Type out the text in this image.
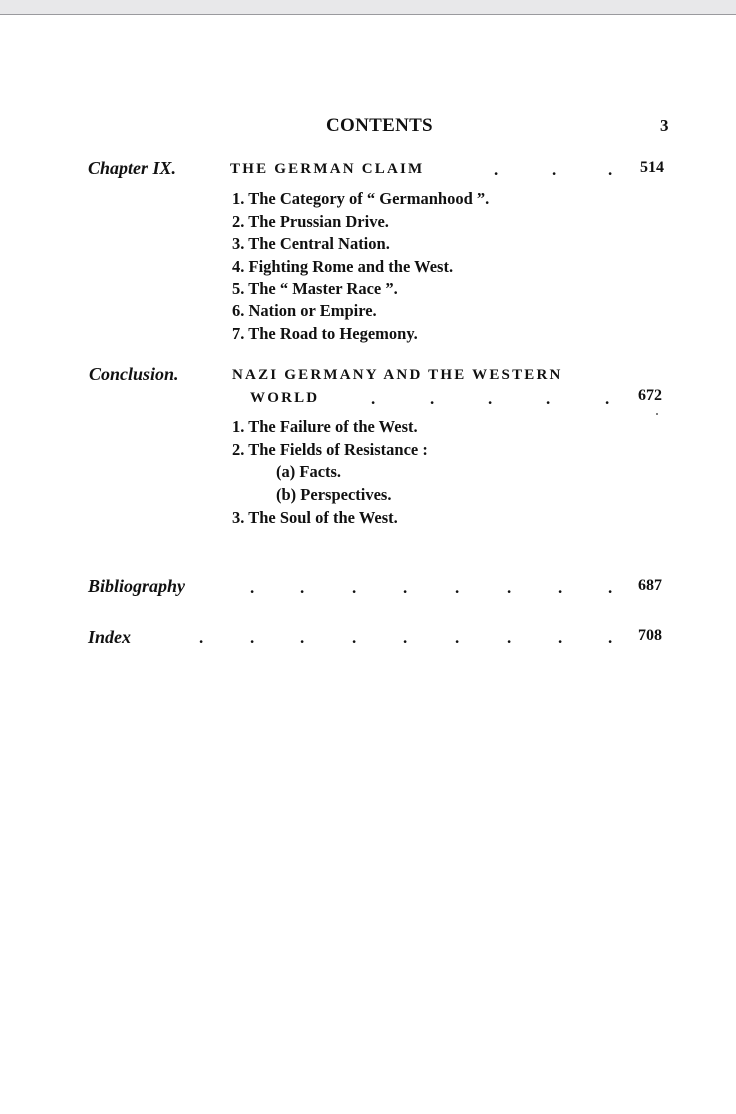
CONTENTS	3
Chapter IX.	THE GERMAN CLAIM	.	.	. 514
1. The Category of “ Germanhood ”.
2. The Prussian Drive.
3. The Central Nation.
4. Fighting Rome and the West.
5. The “ Master Race ”.
6. Nation or Empire.
7. The Road to Hegemony.
Conclusion.	NAZI GERMANY AND THE WESTERN
WORLD	.	.	.	.	. 672
1. The Failure of the West.
2. The Fields of Resistance :
(a) Facts.
(b) Perspectives.
3. The Soul of the West.
Bibliography	.	.	.	.	.	.	.	. 687
Index	.	.	.	.	.	.	.	.	. 708
